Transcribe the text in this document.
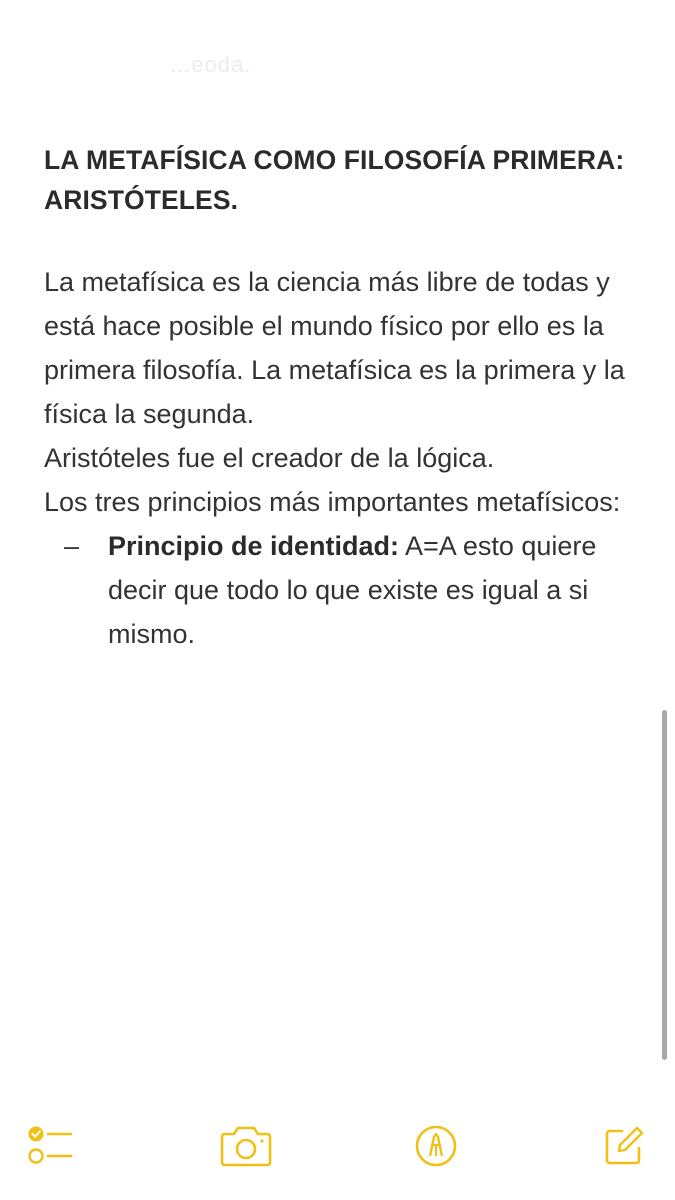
...eoda.
LA METAFÍSICA COMO FILOSOFÍA PRIMERA: ARISTÓTELES.

La metafísica es la ciencia más libre de todas y está hace posible el mundo físico por ello es la primera filosofía. La metafísica es la primera y la física la segunda.

Aristóteles fue el creador de la lógica.

Los tres principios más importantes metafísicos:

– Principio de identidad: A=A esto quiere decir que todo lo que existe es igual a si mismo.
